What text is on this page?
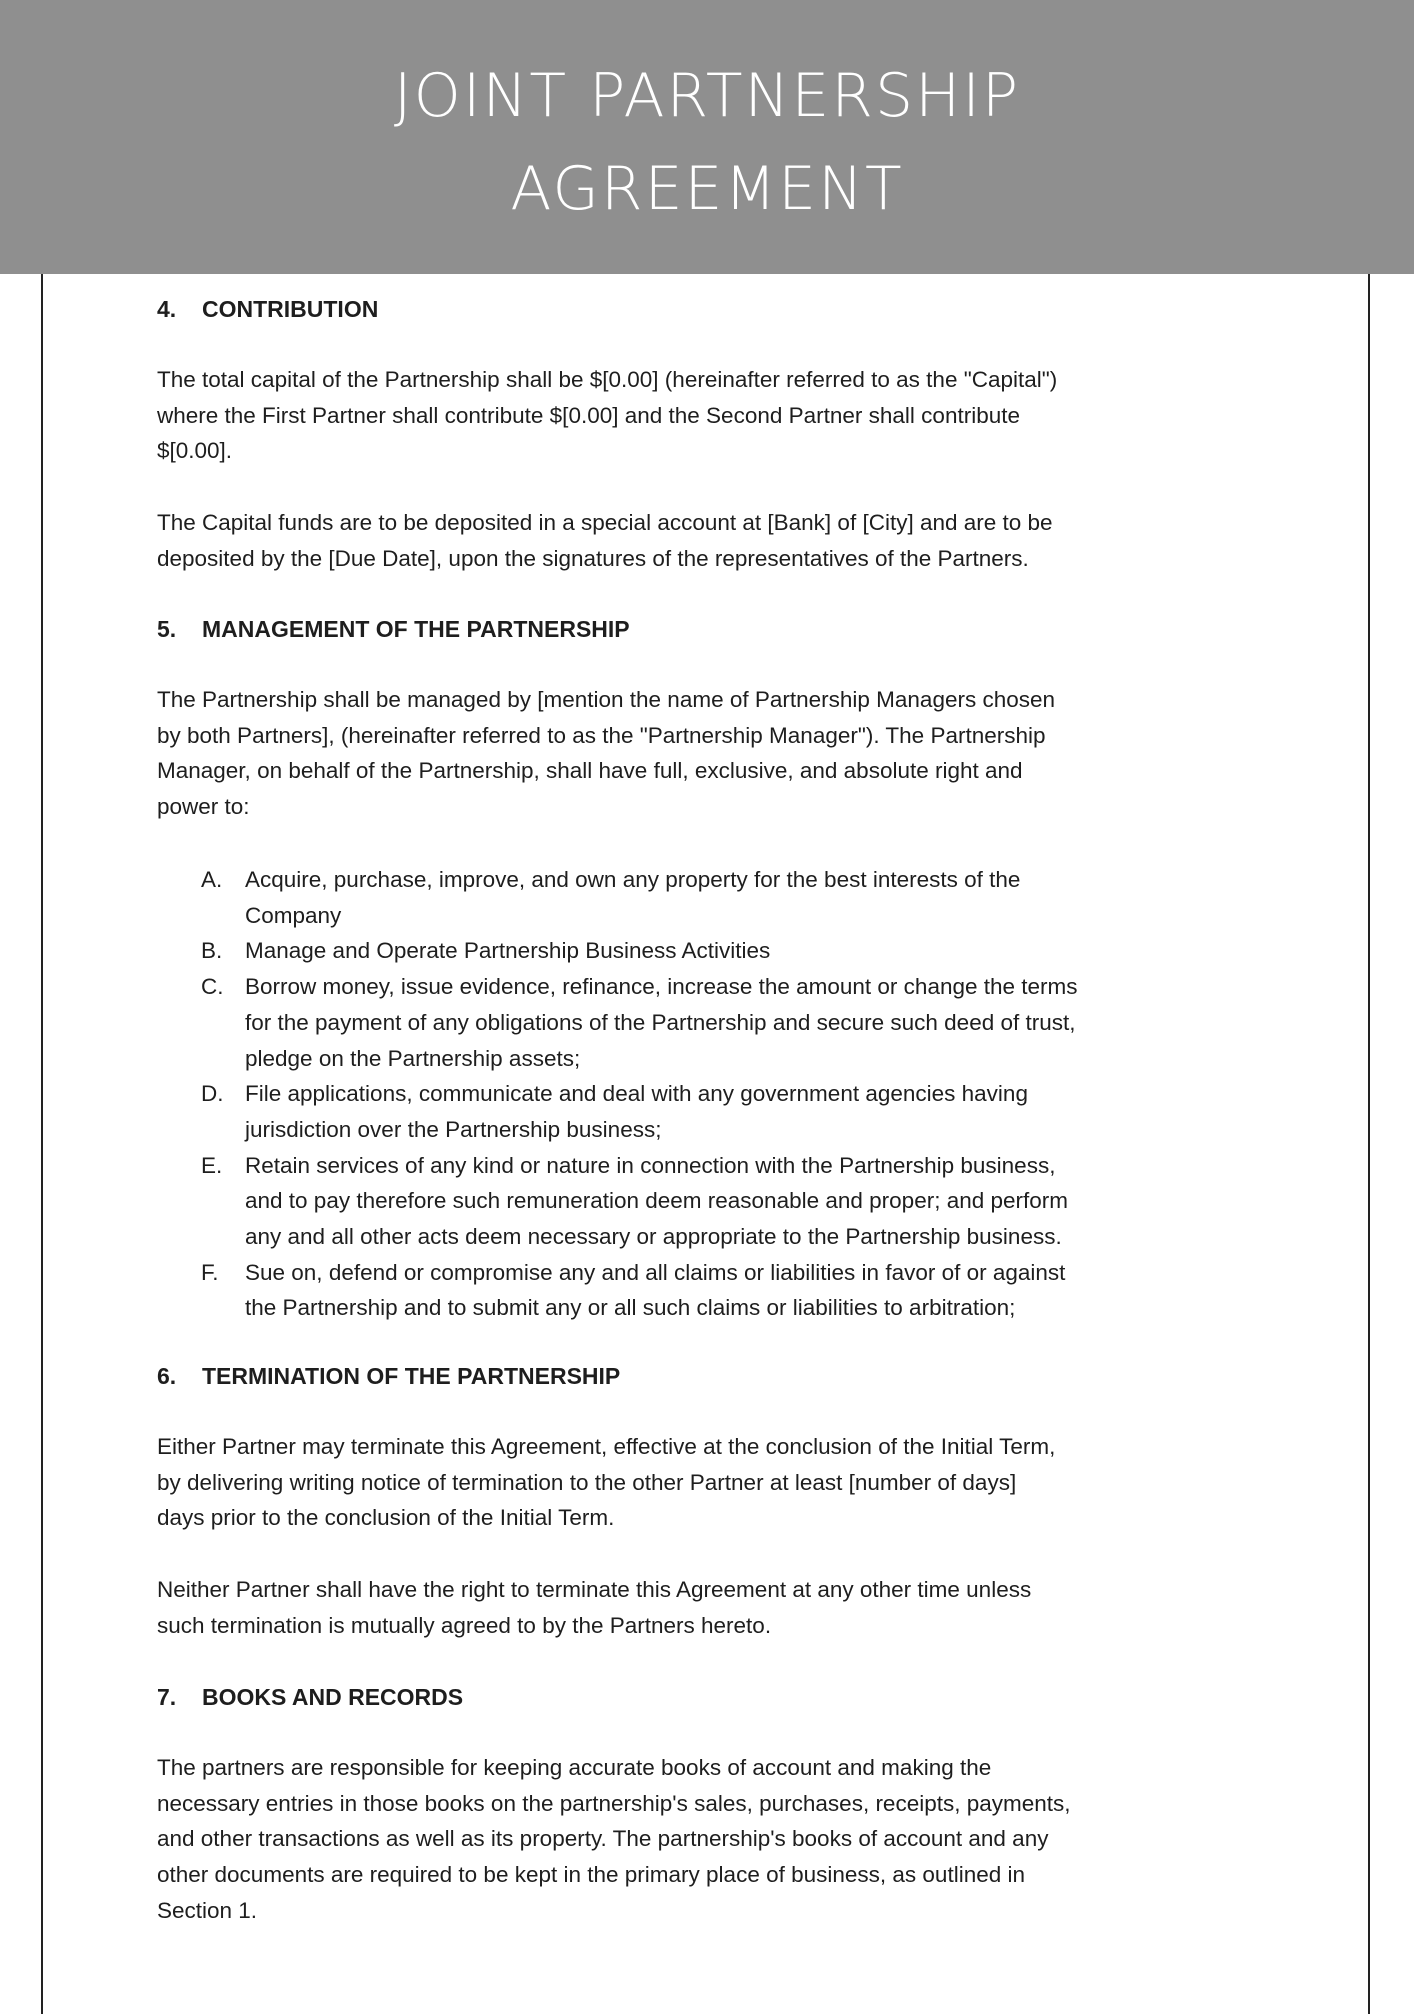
JOINT PARTNERSHIP
AGREEMENT
4. CONTRIBUTION
The total capital of the Partnership shall be $[0.00] (hereinafter referred to as the "Capital")
where the First Partner shall contribute $[0.00] and the Second Partner shall contribute
$[0.00].
The Capital funds are to be deposited in a special account at [Bank] of [City] and are to be
deposited by the [Due Date], upon the signatures of the representatives of the Partners.
5. MANAGEMENT OF THE PARTNERSHIP
The Partnership shall be managed by [mention the name of Partnership Managers chosen
by both Partners], (hereinafter referred to as the "Partnership Manager"). The Partnership
Manager, on behalf of the Partnership, shall have full, exclusive, and absolute right and
power to:
A. Acquire, purchase, improve, and own any property for the best interests of the
Company
B. Manage and Operate Partnership Business Activities
C. Borrow money, issue evidence, refinance, increase the amount or change the terms
for the payment of any obligations of the Partnership and secure such deed of trust,
pledge on the Partnership assets;
D. File applications, communicate and deal with any government agencies having
jurisdiction over the Partnership business;
E. Retain services of any kind or nature in connection with the Partnership business,
and to pay therefore such remuneration deem reasonable and proper; and perform
any and all other acts deem necessary or appropriate to the Partnership business.
F. Sue on, defend or compromise any and all claims or liabilities in favor of or against
the Partnership and to submit any or all such claims or liabilities to arbitration;
6. TERMINATION OF THE PARTNERSHIP
Either Partner may terminate this Agreement, effective at the conclusion of the Initial Term,
by delivering writing notice of termination to the other Partner at least [number of days]
days prior to the conclusion of the Initial Term.
Neither Partner shall have the right to terminate this Agreement at any other time unless
such termination is mutually agreed to by the Partners hereto.
7. BOOKS AND RECORDS
The partners are responsible for keeping accurate books of account and making the
necessary entries in those books on the partnership's sales, purchases, receipts, payments,
and other transactions as well as its property. The partnership's books of account and any
other documents are required to be kept in the primary place of business, as outlined in
Section 1.
